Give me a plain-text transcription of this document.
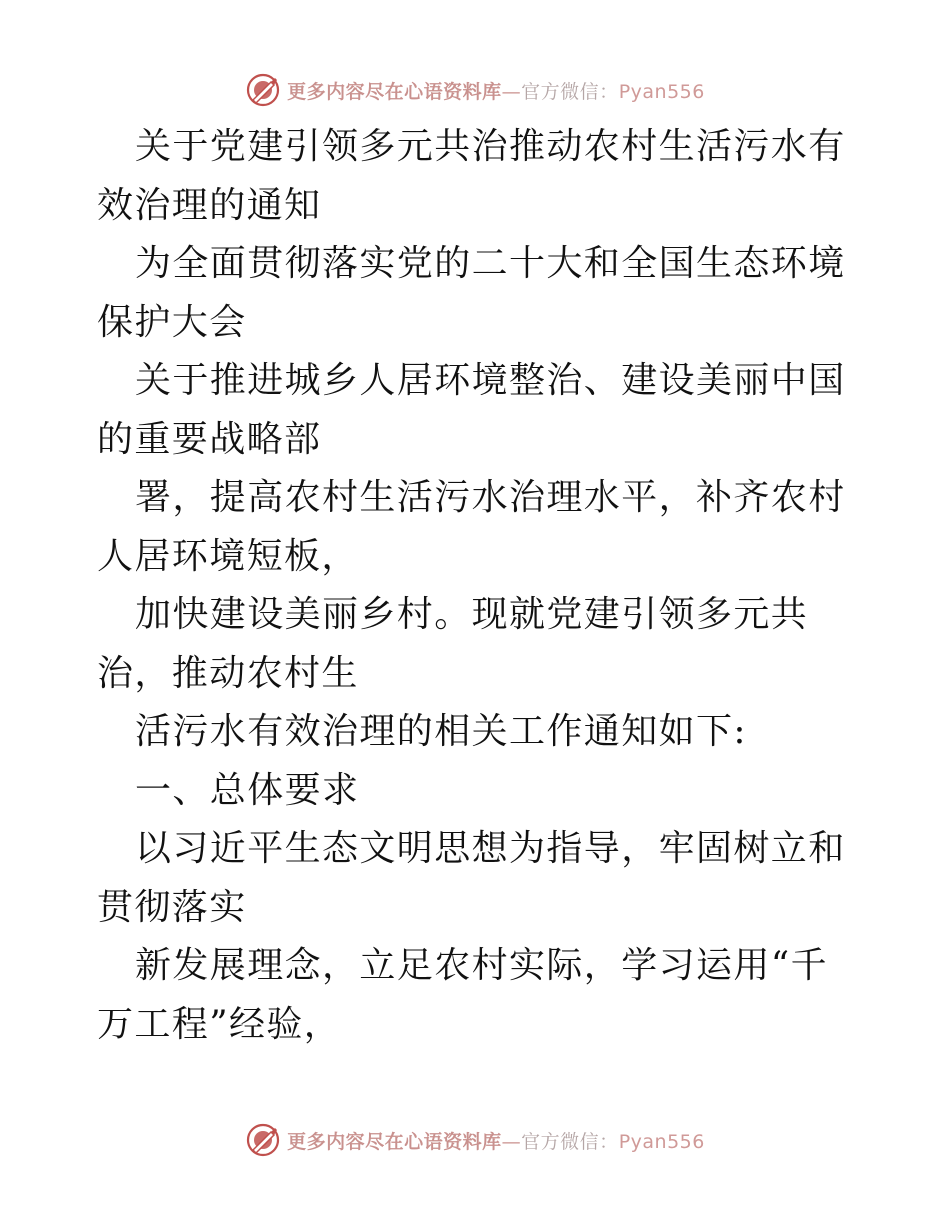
更多内容尽在心语资料库—官方微信：Pyan556

关于党建引领多元共治推动农村生活污水有效治理的通知

为全面贯彻落实党的二十大和全国生态环境保护大会

关于推进城乡人居环境整治、建设美丽中国的重要战略部

署，提高农村生活污水治理水平，补齐农村人居环境短板，

加快建设美丽乡村。现就党建引领多元共治，推动农村生

活污水有效治理的相关工作通知如下:

一、总体要求

以习近平生态文明思想为指导，牢固树立和贯彻落实

新发展理念，立足农村实际，学习运用“千万工程”经验，

更多内容尽在心语资料库—官方微信：Pyan556
